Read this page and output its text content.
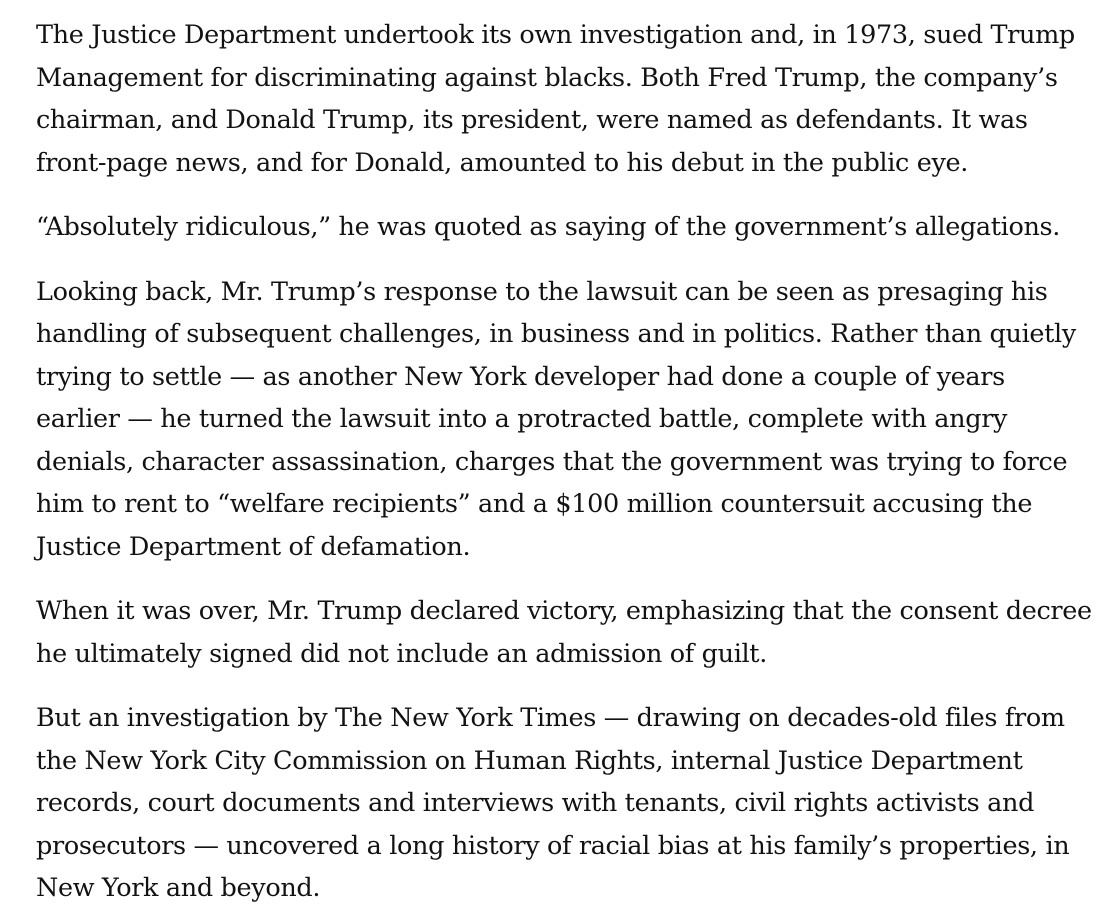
The Justice Department undertook its own investigation and, in 1973, sued Trump Management for discriminating against blacks. Both Fred Trump, the company’s chairman, and Donald Trump, its president, were named as defendants. It was front-page news, and for Donald, amounted to his debut in the public eye.

“Absolutely ridiculous,” he was quoted as saying of the government’s allegations.

Looking back, Mr. Trump’s response to the lawsuit can be seen as presaging his handling of subsequent challenges, in business and in politics. Rather than quietly trying to settle — as another New York developer had done a couple of years earlier — he turned the lawsuit into a protracted battle, complete with angry denials, character assassination, charges that the government was trying to force him to rent to “welfare recipients” and a $100 million countersuit accusing the Justice Department of defamation.

When it was over, Mr. Trump declared victory, emphasizing that the consent decree he ultimately signed did not include an admission of guilt.

But an investigation by The New York Times — drawing on decades-old files from the New York City Commission on Human Rights, internal Justice Department records, court documents and interviews with tenants, civil rights activists and prosecutors — uncovered a long history of racial bias at his family’s properties, in New York and beyond.
